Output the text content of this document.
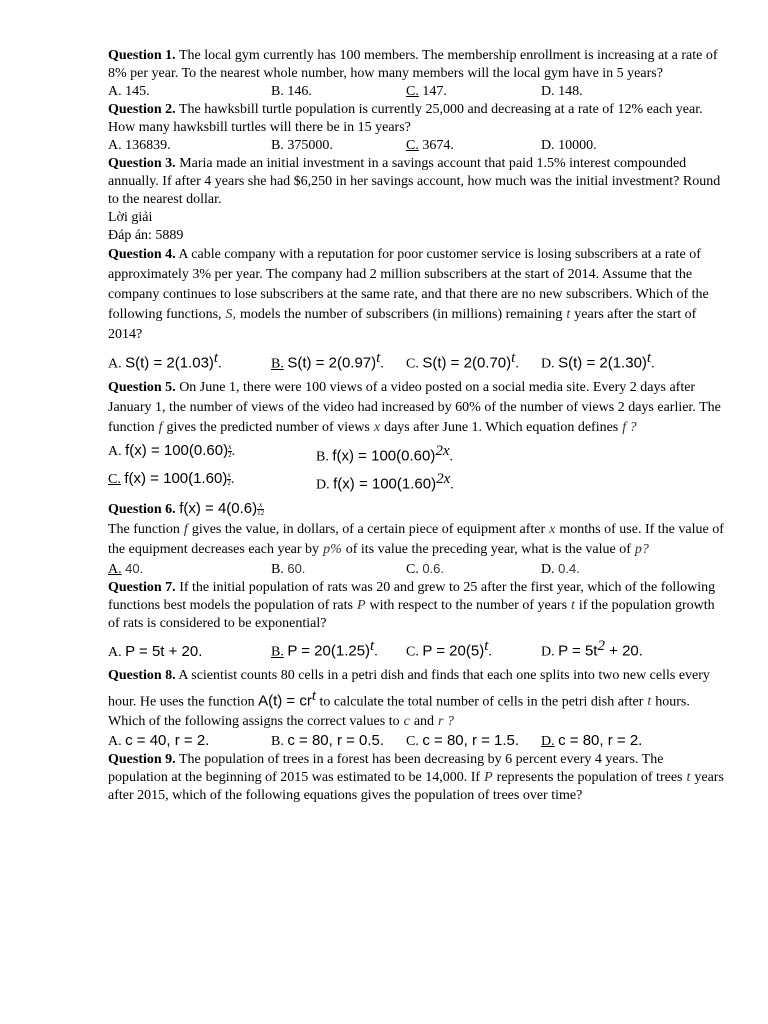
Question 1. The local gym currently has 100 members. The membership enrollment is increasing at a rate of 8% per year. To the nearest whole number, how many members will the local gym have in 5 years?

A. 145.	B. 146.	C. 147.	D. 148.

Question 2. The hawksbill turtle population is currently 25,000 and decreasing at a rate of 12% each year. How many hawksbill turtles will there be in 15 years?

A. 136839.	B. 375000.	C. 3674.	D. 10000.

Question 3. Maria made an initial investment in a savings account that paid 1.5% interest compounded annually. If after 4 years she had $6,250 in her savings account, how much was the initial investment? Round to the nearest dollar.

Lời giải

Đáp án: 5889

Question 4. A cable company with a reputation for poor customer service is losing subscribers at a rate of approximately 3% per year. The company had 2 million subscribers at the start of 2014. Assume that the company continues to lose subscribers at the same rate, and that there are no new subscribers. Which of the following functions, S, models the number of subscribers (in millions) remaining t years after the start of 2014?

A. $S(t) = 2(1.03)^t$.	B. $S(t) = 2(0.97)^t$.	C. $S(t) = 2(0.70)^t$.	D. $S(t) = 2(1.30)^t$.

Question 5. On June 1, there were 100 views of a video posted on a social media site. Every 2 days after January 1, the number of views of the video had increased by 60% of the number of views 2 days earlier. The function f gives the predicted number of views x days after June 1. Which equation defines f ?

A. $f(x) = 100(0.60) \frac{x}{2}$ .	B. $f(x) = 100(0.60)^{2x}$.
C. $f(x) = 100(1.60) \frac{x}{2}$ .	D. $f(x) = 100(1.60)^{2x}$.

Question 6. $f(x) = 4(0.6) \frac{x}{12}$

The function f gives the value, in dollars, of a certain piece of equipment after x months of use. If the value of the equipment decreases each year by p% of its value the preceding year, what is the value of p?

A. 40.	B. 60.	C. 0.6.	D. 0.4.

Question 7. If the initial population of rats was 20 and grew to 25 after the first year, which of the following functions best models the population of rats P with respect to the number of years t if the population growth of rats is considered to be exponential?

A. P = 5t + 20.	B. $P = 20(1.25)^t$.	C. $P = 20(5)^t$.	D. $P = 5t^2 + 20$.

Question 8. A scientist counts 80 cells in a petri dish and finds that each one splits into two new cells every hour. He uses the function $A(t) = cr^t$ to calculate the total number of cells in the petri dish after t hours. Which of the following assigns the correct values to c and r ?

A. c = 40, r = 2.	B. c = 80, r = 0.5.	C. c = 80, r = 1.5.	D. c = 80, r = 2.

Question 9. The population of trees in a forest has been decreasing by 6 percent every 4 years. The population at the beginning of 2015 was estimated to be 14,000. If P represents the population of trees t years after 2015, which of the following equations gives the population of trees over time?
